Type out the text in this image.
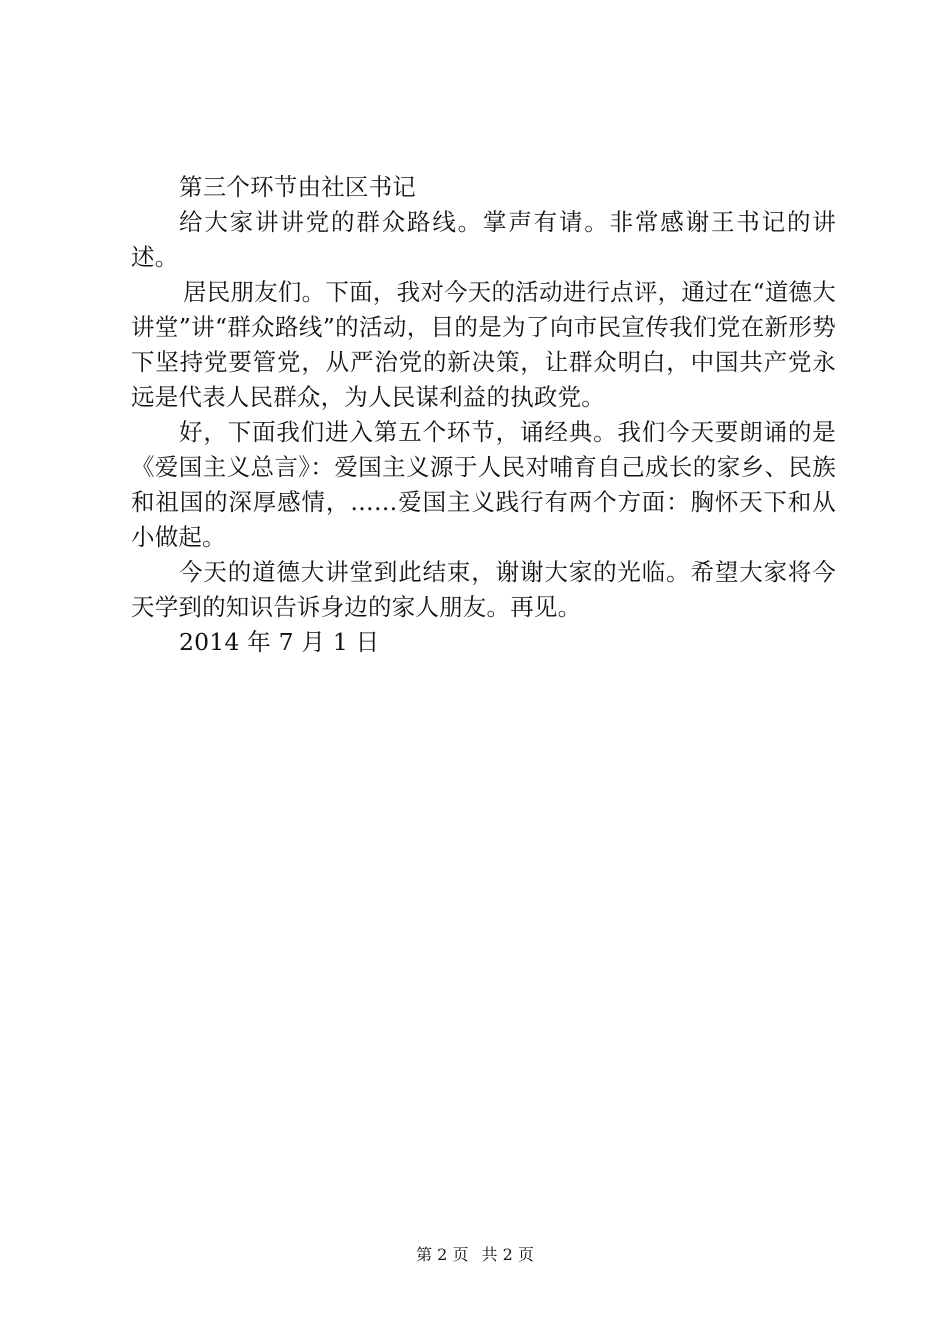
第三个环节由社区书记

给大家讲讲党的群众路线。掌声有请。非常感谢王书记的讲述。

居民朋友们。下面，我对今天的活动进行点评，通过在“道德大讲堂”讲“群众路线”的活动，目的是为了向市民宣传我们党在新形势下坚持党要管党，从严治党的新决策，让群众明白，中国共产党永远是代表人民群众，为人民谋利益的执政党。

好，下面我们进入第五个环节，诵经典。我们今天要朗诵的是《爱国主义总言》：爱国主义源于人民对哺育自己成长的家乡、民族和祖国的深厚感情，……爱国主义践行有两个方面：胸怀天下和从小做起。

今天的道德大讲堂到此结束，谢谢大家的光临。希望大家将今天学到的知识告诉身边的家人朋友。再见。

2014 年 7 月 1 日

第 2 页 共 2 页
